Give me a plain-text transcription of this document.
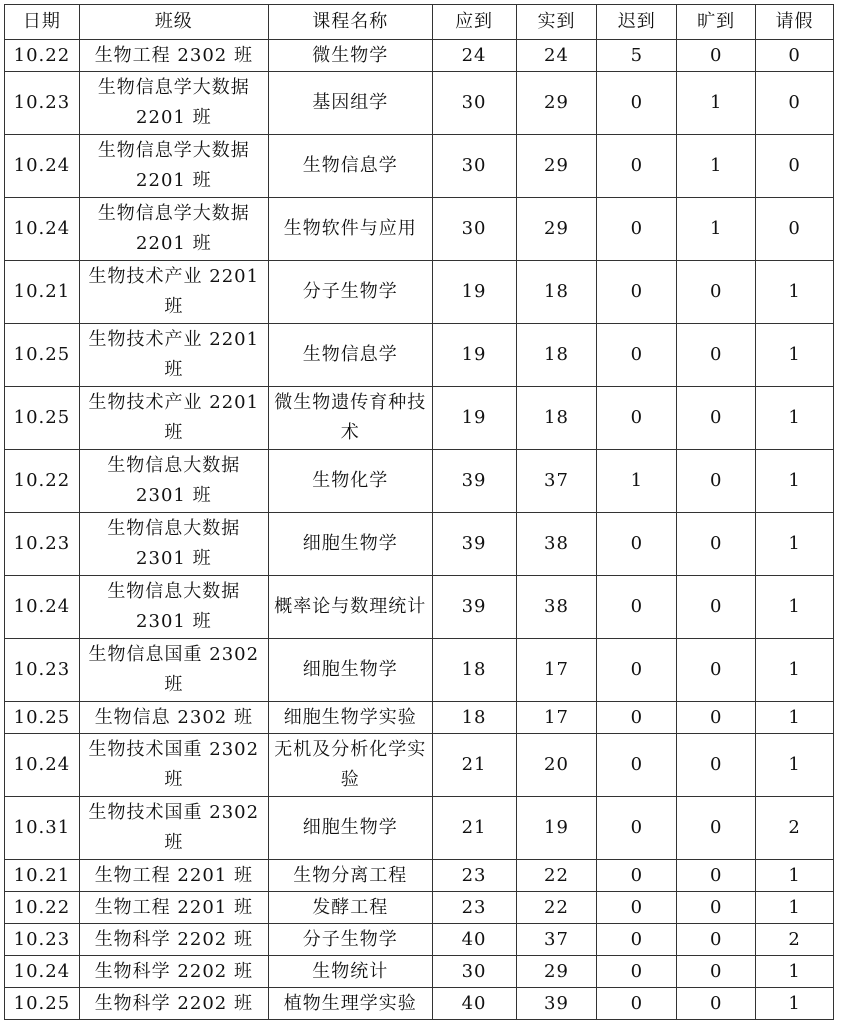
日期	班级	课程名称	应到	实到	迟到	旷到	请假
10.22	生物工程 2302 班	微生物学	24	24	5	0	0
10.23	生物信息学大数据 2201 班	基因组学	30	29	0	1	0
10.24	生物信息学大数据 2201 班	生物信息学	30	29	0	1	0
10.24	生物信息学大数据 2201 班	生物软件与应用	30	29	0	1	0
10.21	生物技术产业 2201 班	分子生物学	19	18	0	0	1
10.25	生物技术产业 2201 班	生物信息学	19	18	0	0	1
10.25	生物技术产业 2201 班	微生物遗传育种技术	19	18	0	0	1
10.22	生物信息大数据 2301 班	生物化学	39	37	1	0	1
10.23	生物信息大数据 2301 班	细胞生物学	39	38	0	0	1
10.24	生物信息大数据 2301 班	概率论与数理统计	39	38	0	0	1
10.23	生物信息国重 2302 班	细胞生物学	18	17	0	0	1
10.25	生物信息 2302 班	细胞生物学实验	18	17	0	0	1
10.24	生物技术国重 2302 班	无机及分析化学实验	21	20	0	0	1
10.31	生物技术国重 2302 班	细胞生物学	21	19	0	0	2
10.21	生物工程 2201 班	生物分离工程	23	22	0	0	1
10.22	生物工程 2201 班	发酵工程	23	22	0	0	1
10.23	生物科学 2202 班	分子生物学	40	37	0	0	2
10.24	生物科学 2202 班	生物统计	30	29	0	0	1
10.25	生物科学 2202 班	植物生理学实验	40	39	0	0	1
